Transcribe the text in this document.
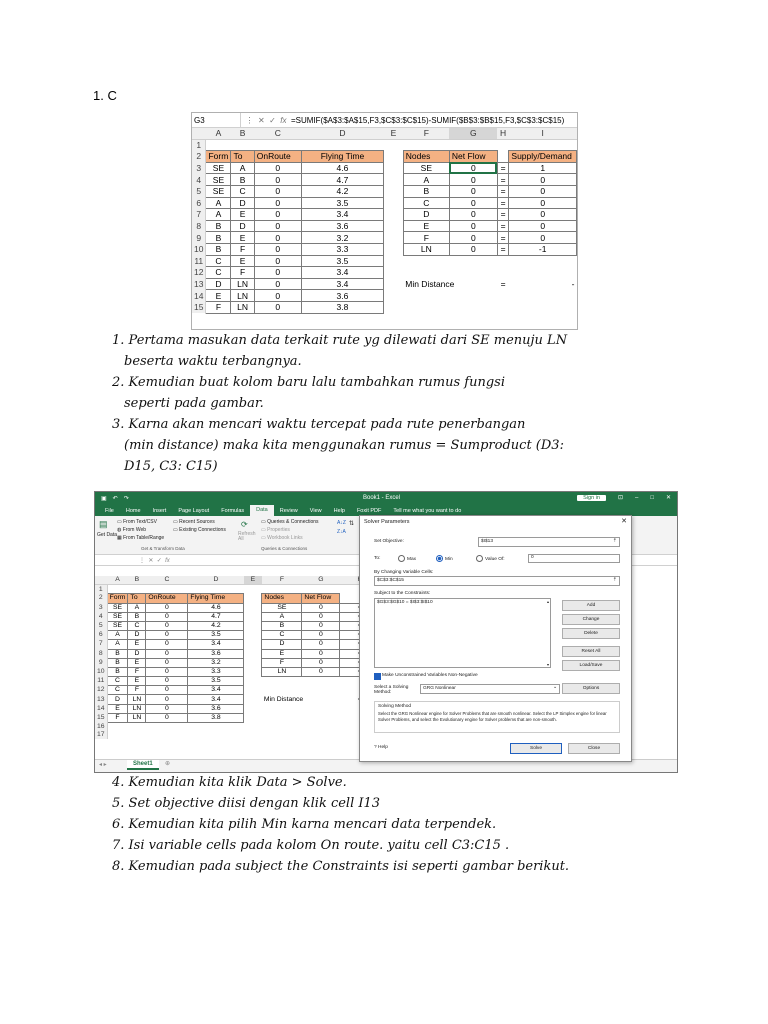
1. C
G3	⋮  ✕  ✓  fx =SUMIF($A$3:$A$15,F3,$C$3:$C$15)-SUMIF($B$3:$B$15,F3,$C$3:$C$15)
	A	B	C	D	E	F	G	H	I
1									
2	Form	To	OnRoute	Flying Time		Nodes	Net Flow		Supply/Demand
3	SE	A	0	4.6		SE	0	=	1
4	SE	B	0	4.7		A	0	=	0
5	SE	C	0	4.2		B	0	=	0
6	A	D	0	3.5		C	0	=	0
7	A	E	0	3.4		D	0	=	0
8	B	D	0	3.6		E	0	=	0
9	B	E	0	3.2		F	0	=	0
10	B	F	0	3.3		LN	0	=	-1
11	C	E	0	3.5					
12	C	F	0	3.4					
13	D	LN	0	3.4		Min Distance		=	-
14	E	LN	0	3.6					
15	F	LN	0	3.8					
1. Pertama masukan data terkait rute yg dilewati dari SE menuju LN
beserta waktu terbangnya.
2. Kemudian buat kolom baru lalu tambahkan rumus fungsi
seperti pada gambar.
3. Karna akan mencari waktu tercepat pada rute penerbangan
(min distance) maka kita menggunakan rumus = Sumproduct (D3:
D15, C3: C15)
▣ ↶ ↷	Book1 - Excel	Sign in	⊡ – □ ✕
File	Home	Insert	Page Layout	Formulas	Data	Review	View	Help	Foxit PDF	Tell me what you want to do
▤
Get Data
▭ From Text/CSV
◍ From Web
▦ From Table/Range
▭ Recent Sources
▭ Existing Connections
Get & Transform Data
⟳
Refresh All
▭ Queries & Connections
▭ Properties
▭ Workbook Links
Queries & Connections
A↓Z
Z↓A
⇅
⋮  ✕  ✓  fx
	A	B	C	D	E	F	G		
1									
2	Form	To	OnRoute	Flying Time		Nodes	Net Flow		
3	SE	A	0	4.6		SE	0		
4	SE	B	0	4.7		A	0		
5	SE	C	0	4.2		B	0		
6	A	D	0	3.5		C	0		
7	A	E	0	3.4		D	0		
8	B	D	0	3.6		E	0		
9	B	E	0	3.2		F	0		
10	B	F	0	3.3		LN	0		
11	C	E	0	3.5					
12	C	F	0	3.4					
13	D	LN	0	3.4		Min Distance		
14	E	LN	0	3.6					
15	F	LN	0	3.8					
16									
17									
◂ ▸	Sheet1	⊕
Solver Parameters	✕
Set Objective:	$I$13	⇡
To:	Max	Min	Value Of:	0
By Changing Variable Cells:
$C$3:$C$15	⇡
Subject to the Constraints:
$G$3:$G$10 = $I$3:$I$10	▴
▾
Add
Change
Delete
Reset All
Load/Save
Make Unconstrained Variables Non-Negative
Select a Solving Method:
GRG Nonlinear	⌄	Options
Solving Method
Select the GRG Nonlinear engine for Solver Problems that are smooth nonlinear. Select the LP Simplex engine for linear Solver Problems, and select the Evolutionary engine for Solver problems that are non-smooth.
? Help	Solve	Close
4. Kemudian kita klik Data > Solve.
5. Set objective diisi dengan klik cell I13
6. Kemudian kita pilih Min karna mencari data terpendek.
7. Isi variable cells pada kolom On route. yaitu cell C3:C15 .
8. Kemudian pada subject the Constraints isi seperti gambar berikut.
